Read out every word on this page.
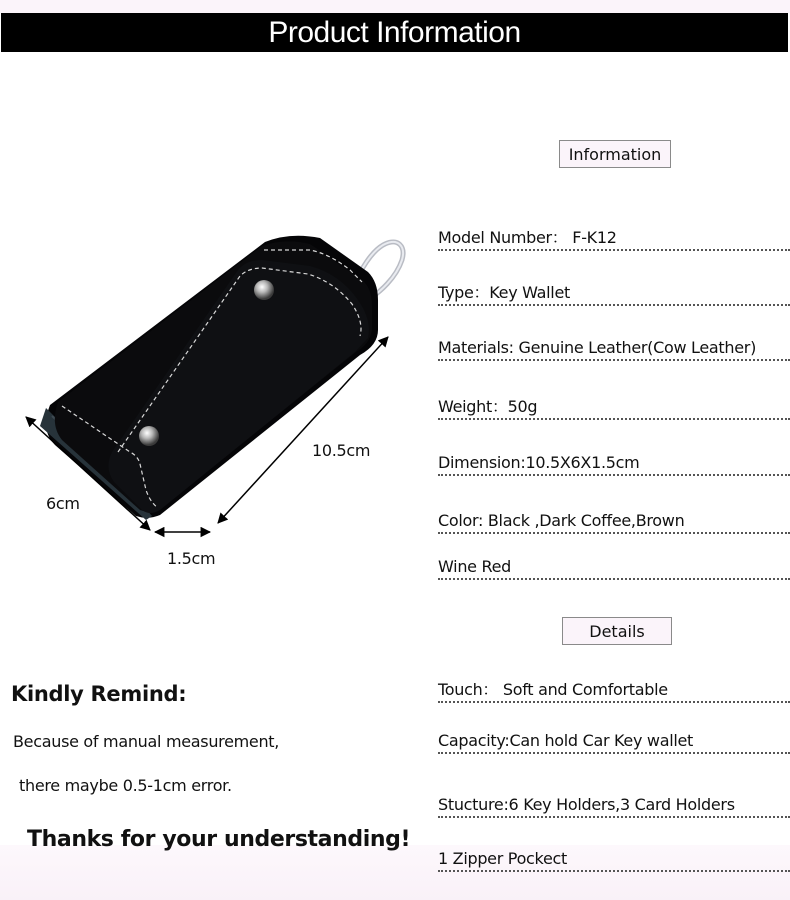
Product Information
10.5cm
6cm
1.5cm
Information
Model Number： F-K12
Type：Key Wallet
Materials: Genuine Leather(Cow Leather)
Weight：50g
Dimension:10.5X6X1.5cm
Color: Black ,Dark Coffee,Brown
Wine Red
Details
Touch： Soft and Comfortable
Capacity:Can hold Car Key wallet
Stucture:6 Key Holders,3 Card Holders
1 Zipper Pockect
Kindly Remind:
Because of manual measurement,
there maybe 0.5-1cm error.
Thanks for your understanding!
